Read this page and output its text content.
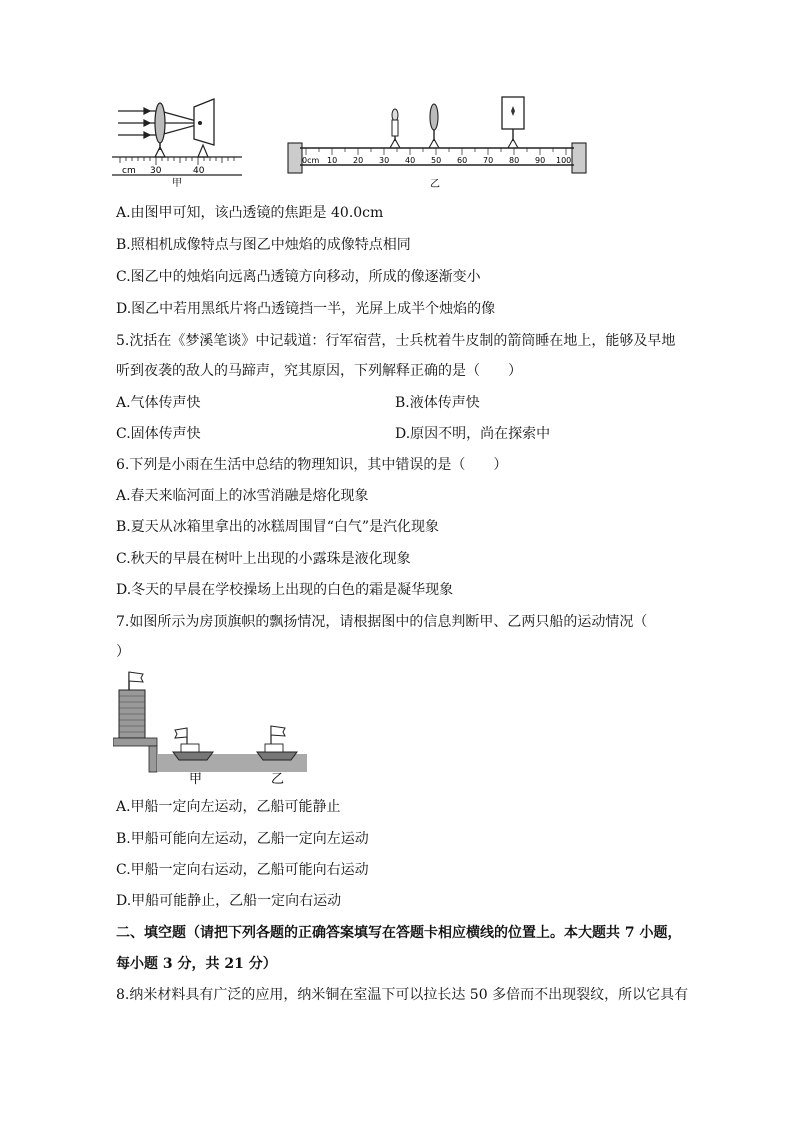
cm 30	40
甲
0cm 10 20 30 40 50 60 70 80 90 100
乙
A.由图甲可知，该凸透镜的焦距是 40.0cm
B.照相机成像特点与图乙中烛焰的成像特点相同
C.图乙中的烛焰向远离凸透镜方向移动，所成的像逐渐变小
D.图乙中若用黑纸片将凸透镜挡一半，光屏上成半个烛焰的像
5.沈括在《梦溪笔谈》中记载道：行军宿营，士兵枕着牛皮制的箭筒睡在地上，能够及早地
听到夜袭的敌人的马蹄声，究其原因，下列解释正确的是（　　）
A.气体传声快	B.液体传声快
C.固体传声快	D.原因不明，尚在探索中
6.下列是小雨在生活中总结的物理知识，其中错误的是（　　）
A.春天来临河面上的冰雪消融是熔化现象
B.夏天从冰箱里拿出的冰糕周围冒“白气”是汽化现象
C.秋天的早晨在树叶上出现的小露珠是液化现象
D.冬天的早晨在学校操场上出现的白色的霜是凝华现象
7.如图所示为房顶旗帜的飘扬情况，请根据图中的信息判断甲、乙两只船的运动情况（
）
甲	乙
A.甲船一定向左运动，乙船可能静止
B.甲船可能向左运动，乙船一定向左运动
C.甲船一定向右运动，乙船可能向右运动
D.甲船可能静止，乙船一定向右运动
二、填空题（请把下列各题的正确答案填写在答题卡相应横线的位置上。本大题共 7 小题，
每小题 3 分，共 21 分）
8.纳米材料具有广泛的应用，纳米铜在室温下可以拉长达 50 多倍而不出现裂纹，所以它具有
